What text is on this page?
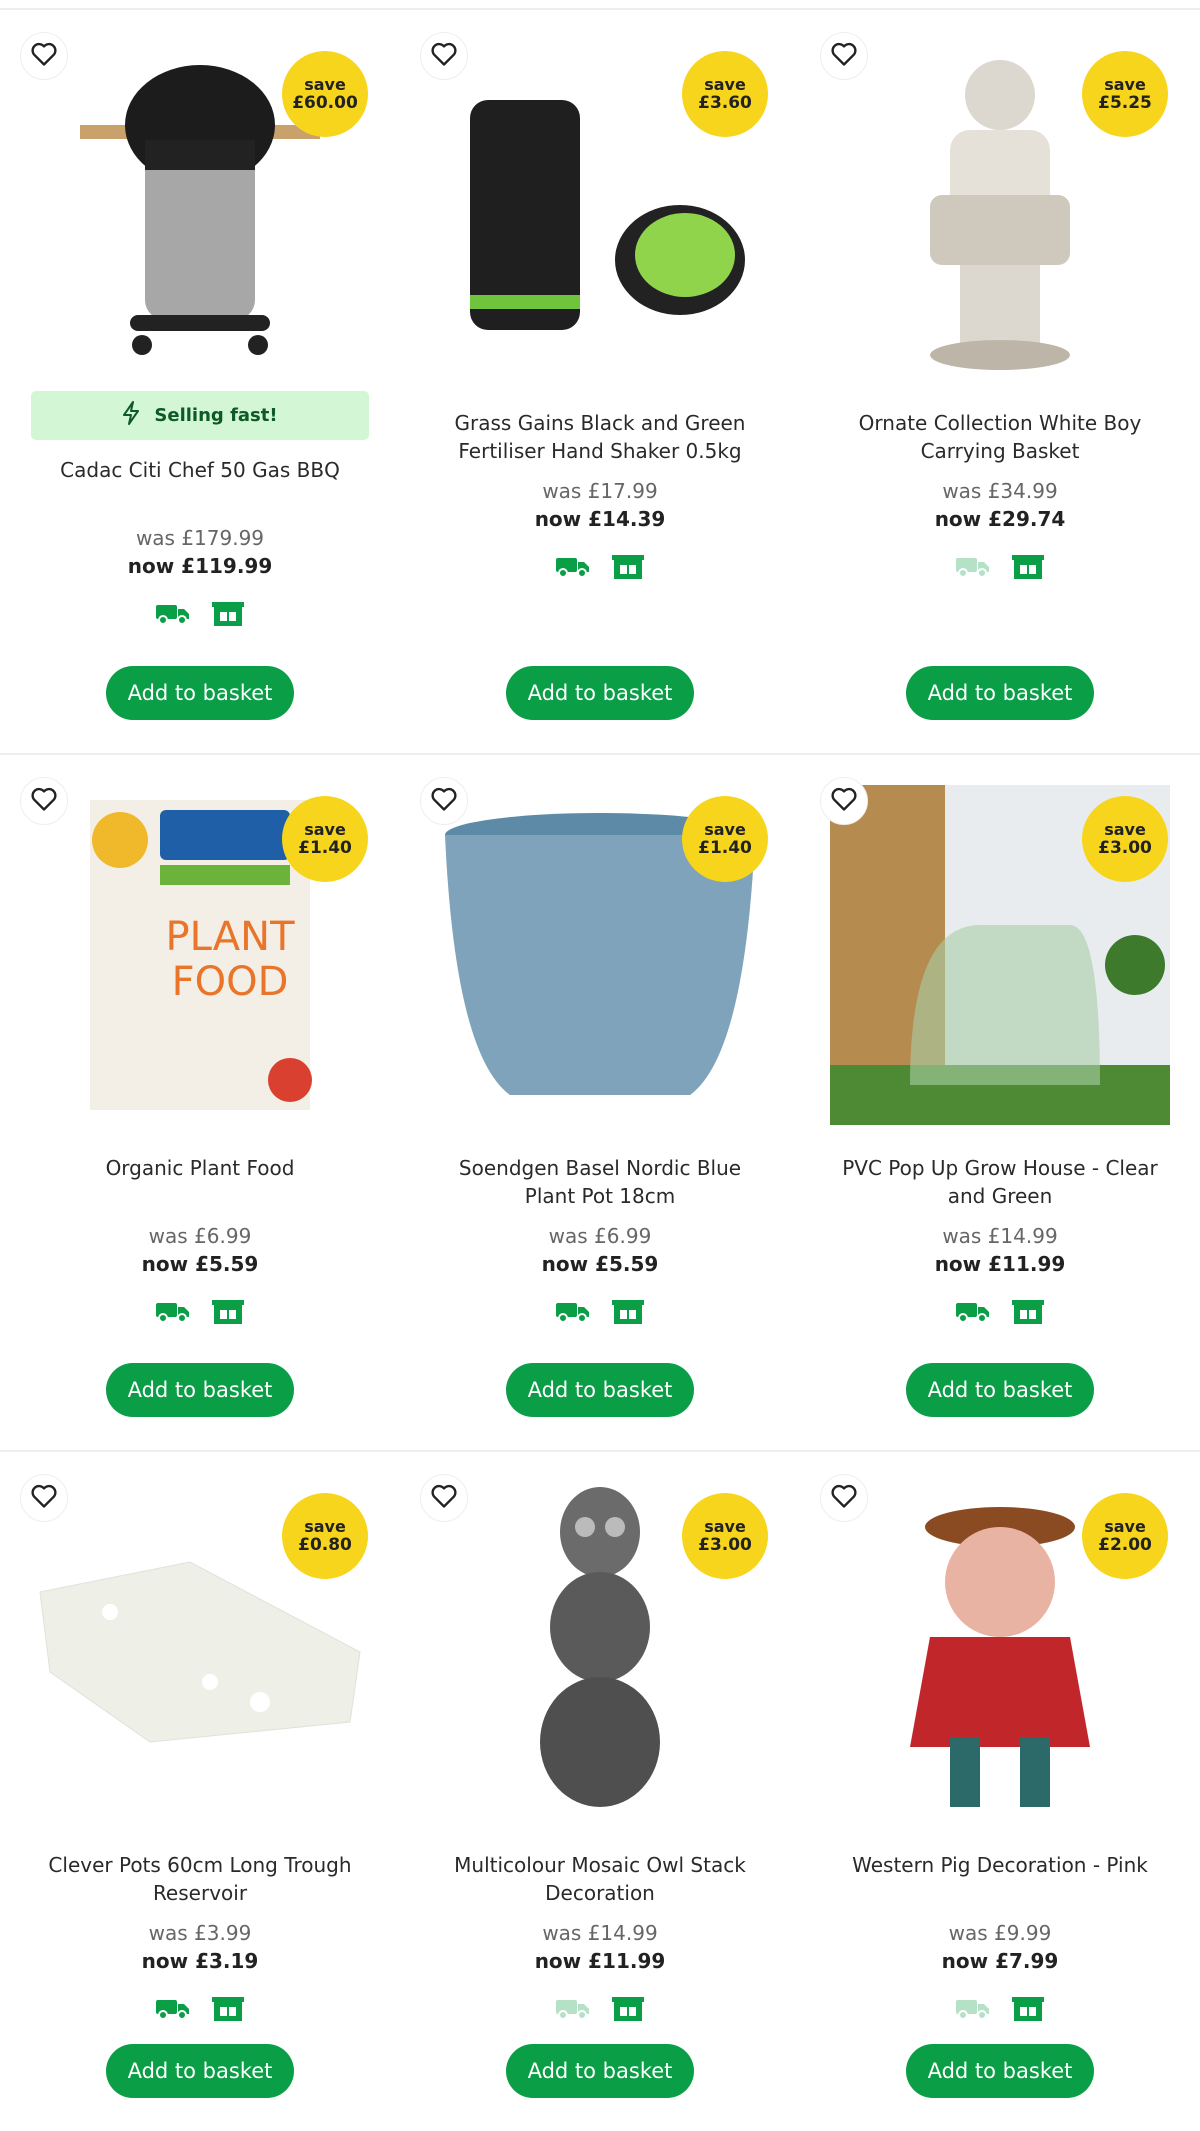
save
£60.00
Selling fast!
Cadac Citi Chef 50 Gas BBQ
was £179.99
now £119.99
Add to basket
save
£3.60
Grass Gains Black and Green Fertiliser Hand Shaker 0.5kg
was £17.99
now £14.39
Add to basket
save
£5.25
Ornate Collection White Boy Carrying Basket
was £34.99
now £29.74
Add to basket
save
£1.40
PLANT
FOOD
Organic Plant Food
was £6.99
now £5.59
Add to basket
save
£1.40
Soendgen Basel Nordic Blue Plant Pot 18cm
was £6.99
now £5.59
Add to basket
save
£3.00
PVC Pop Up Grow House - Clear and Green
was £14.99
now £11.99
Add to basket
save
£0.80
Clever Pots 60cm Long Trough Reservoir
was £3.99
now £3.19
Add to basket
save
£3.00
Multicolour Mosaic Owl Stack Decoration
was £14.99
now £11.99
Add to basket
save
£2.00
Western Pig Decoration - Pink
was £9.99
now £7.99
Add to basket
